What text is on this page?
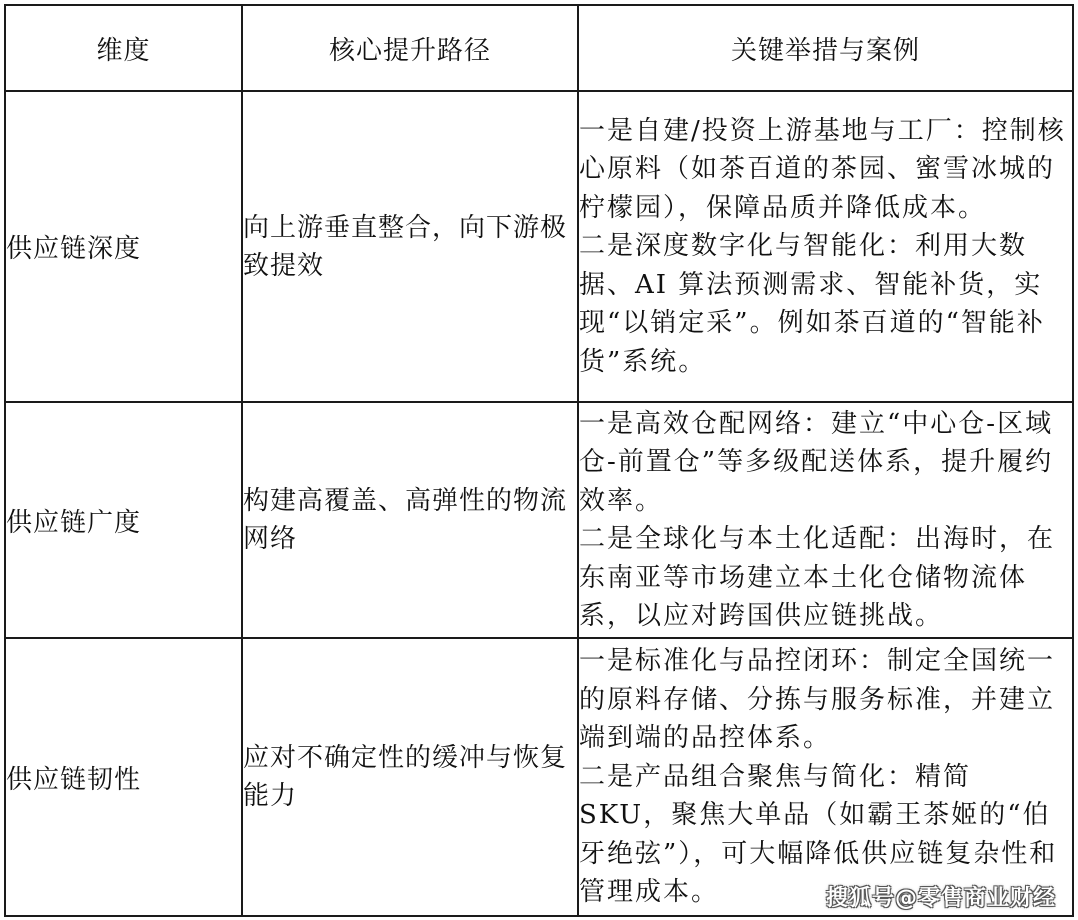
维度	核心提升路径	关键举措与案例
供应链深度	向上游垂直整合，向下游极致提效	一是自建/投资上游基地与工厂：控制核心原料（如茶百道的茶园、蜜雪冰城的柠檬园），保障品质并降低成本。
二是深度数字化与智能化：利用大数据、AI 算法预测需求、智能补货，实现“以销定采”。例如茶百道的“智能补货”系统。

供应链广度	构建高覆盖、高弹性的物流网络	一是高效仓配网络：建立“中心仓-区域仓-前置仓”等多级配送体系，提升履约效率。
二是全球化与本土化适配：出海时，在东南亚等市场建立本土化仓储物流体系，以应对跨国供应链挑战。

供应链韧性	应对不确定性的缓冲与恢复能力	一是标准化与品控闭环：制定全国统一的原料存储、分拣与服务标准，并建立端到端的品控体系。
二是产品组合聚焦与简化：精简 SKU，聚焦大单品（如霸王茶姬的“伯牙绝弦”），可大幅降低供应链复杂性和管理成本。	搜狐号@零售商业财经
